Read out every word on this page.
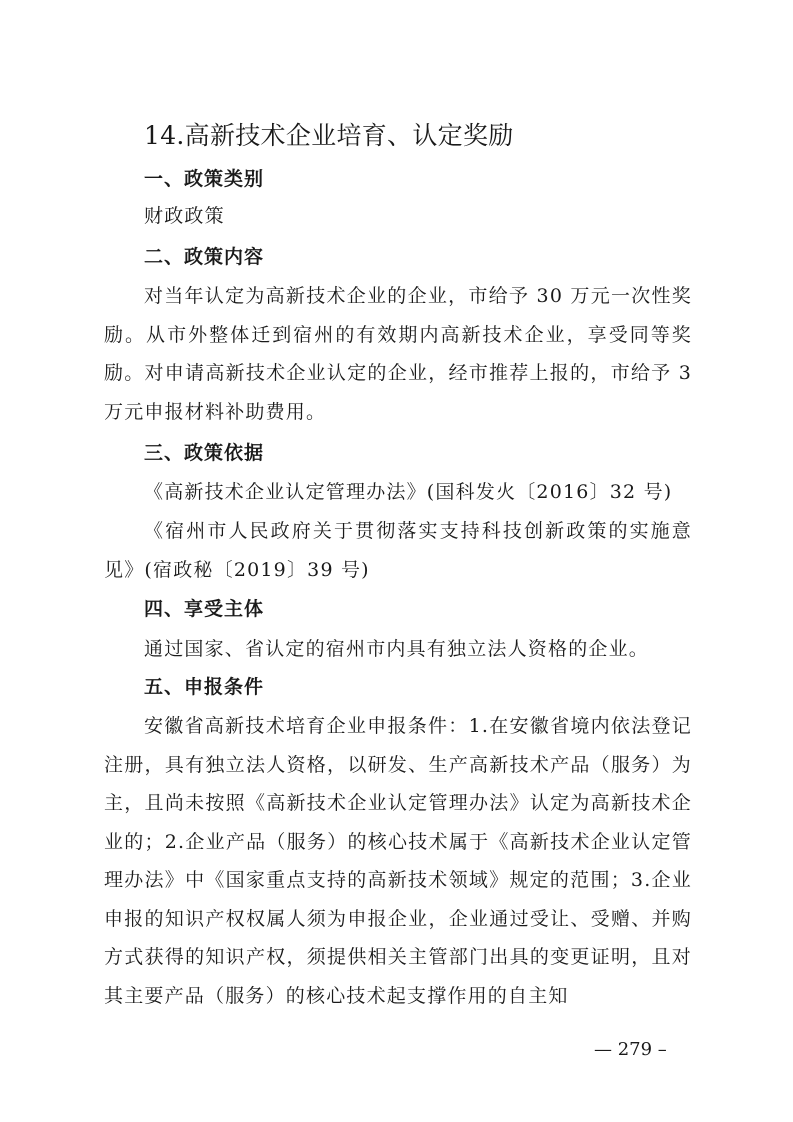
14.高新技术企业培育、认定奖励
一、政策类别
财政政策
二、政策内容

对当年认定为高新技术企业的企业，市给予 30 万元一次性奖励。从市外整体迁到宿州的有效期内高新技术企业，享受同等奖励。对申请高新技术企业认定的企业，经市推荐上报的，市给予 3 万元申报材料补助费用。

三、政策依据

《高新技术企业认定管理办法》(国科发火〔2016〕32 号)

《宿州市人民政府关于贯彻落实支持科技创新政策的实施意见》(宿政秘〔2019〕39 号)

四、享受主体

通过国家、省认定的宿州市内具有独立法人资格的企业。

五、申报条件

安徽省高新技术培育企业申报条件：1.在安徽省境内依法登记注册，具有独立法人资格，以研发、生产高新技术产品（服务）为主，且尚未按照《高新技术企业认定管理办法》认定为高新技术企业的；2.企业产品（服务）的核心技术属于《高新技术企业认定管理办法》中《国家重点支持的高新技术领域》规定的范围；3.企业申报的知识产权权属人须为申报企业，企业通过受让、受赠、并购方式获得的知识产权，须提供相关主管部门出具的变更证明，且对其主要产品（服务）的核心技术起支撑作用的自主知

— 279 –
